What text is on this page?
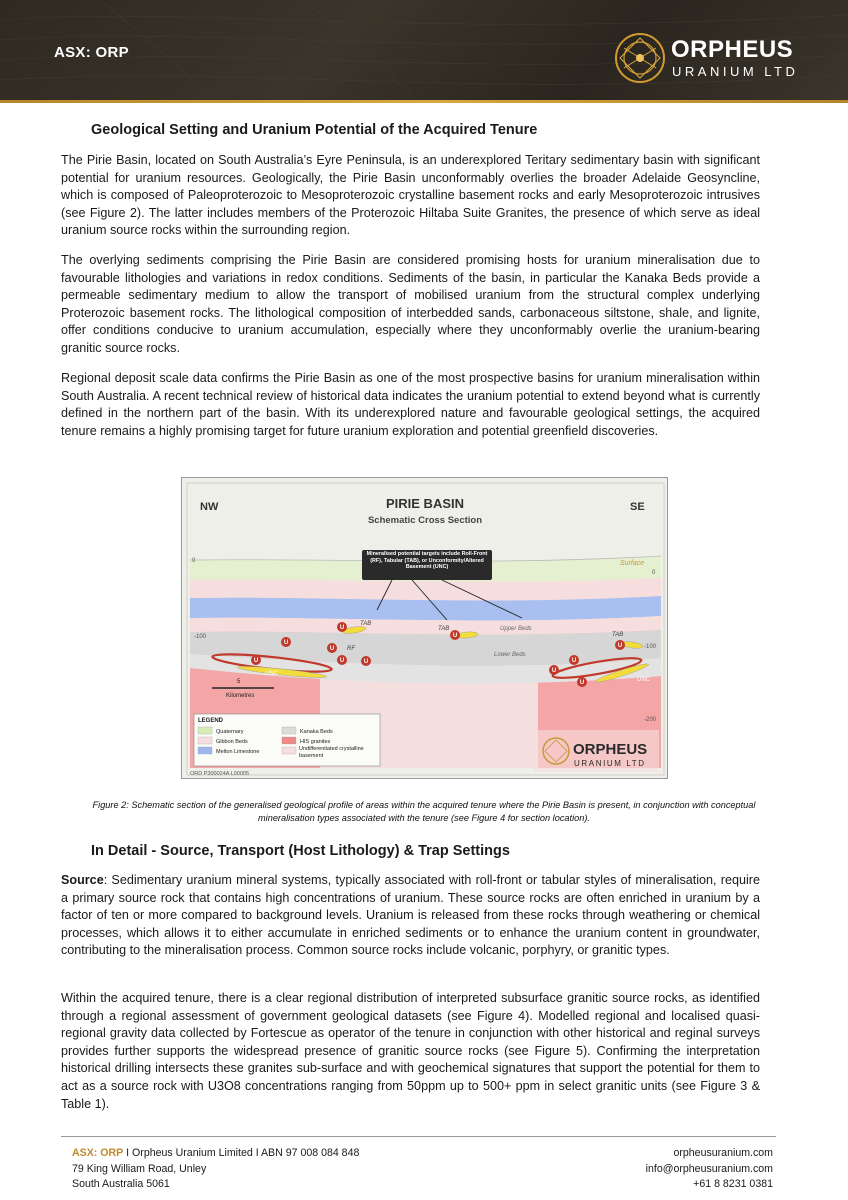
ASX: ORP	ORPHEUS
URANIUM LTD
Geological Setting and Uranium Potential of the Acquired Tenure

The Pirie Basin, located on South Australia’s Eyre Peninsula, is an underexplored Teritary sedimentary basin with significant potential for uranium resources. Geologically, the Pirie Basin unconformably overlies the broader Adelaide Geosyncline, which is composed of Paleoproterozoic to Mesoproterozoic crystalline basement rocks and early Mesoproterozoic intrusives (see Figure 2). The latter includes members of the Proterozoic Hiltaba Suite Granites, the presence of which serve as ideal uranium source rocks within the surrounding region.

The overlying sediments comprising the Pirie Basin are considered promising hosts for uranium mineralisation due to favourable lithologies and variations in redox conditions. Sediments of the basin, in particular the Kanaka Beds provide a permeable sedimentary medium to allow the transport of mobilised uranium from the structural complex underlying Proterozoic basement rocks. The lithological composition of interbedded sands, carbonaceous siltstone, shale, and lignite, offer conditions conducive to uranium accumulation, especially where they unconformably overlie the uranium-bearing granitic source rocks.

Regional deposit scale data confirms the Pirie Basin as one of the most prospective basins for uranium mineralisation within South Australia. A recent technical review of historical data indicates the uranium potential to extend beyond what is currently defined in the northern part of the basin. With its underexplored nature and favourable geological settings, the acquired tenure remains a highly promising target for future uranium exploration and potential greenfield discoveries.

NW	SE
PIRIE BASIN
Schematic Cross Section
0
0
Surface
-100
-100
-200
Upper Beds
Lower Beds
Mineralised potential targets include Roll-Front (RF), Tabular (TAB), or Unconformity/Altered Basement (UNC)
U
U
U	U	U
U
U
U
U
U
U
TAB
TAB
TAB
RF
UNC
UNC
5
Kilometres
LEGEND
Quaternary
Gibbon Beds
Melton Limestone
Kanaka Beds
HIS granites
Undifferentiated crystalline basement
ORD P300024A L00005
ORPHEUS
URANIUM LTD
Figure 2: Schematic section of the generalised geological profile of areas within the acquired tenure where the Pirie Basin is present, in conjunction with conceptual mineralisation types associated with the tenure (see Figure 4 for section location).
In Detail - Source, Transport (Host Lithology) & Trap Settings

Source: Sedimentary uranium mineral systems, typically associated with roll-front or tabular styles of mineralisation, require a primary source rock that contains high concentrations of uranium. These source rocks are often enriched in uranium by a factor of ten or more compared to background levels. Uranium is released from these rocks through weathering or chemical processes, which allows it to either accumulate in enriched sediments or to enhance the uranium content in groundwater, contributing to the mineralisation process. Common source rocks include volcanic, porphyry, or granitic types.

Within the acquired tenure, there is a clear regional distribution of interpreted subsurface granitic source rocks, as identified through a regional assessment of government geological datasets (see Figure 4). Modelled regional and localised quasi-regional gravity data collected by Fortescue as operator of the tenure in conjunction with other historical and reginal surveys provides further supports the widespread presence of granitic source rocks (see Figure 5). Confirming the interpretation historical drilling intersects these granites sub-surface and with geochemical signatures that support the potential for them to act as a source rock with U3O8 concentrations ranging from 50ppm up to 500+ ppm in select granitic units (see Figure 3 & Table 1).

ASX: ORP I Orpheus Uranium Limited I ABN 97 008 084 848
79 King William Road, Unley
South Australia 5061
orpheusuranium.com
info@orpheusuranium.com
+61 8 8231 0381
